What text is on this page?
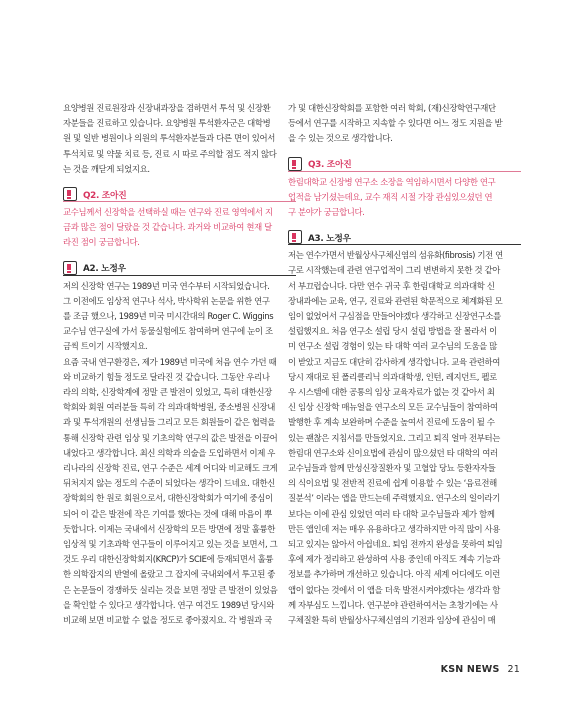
요양병원 진료원장과 신장내과장을 겸하면서 투석 및 신장환
자분들을 진료하고 있습니다. 요양병원 투석환자군은 대학병
원 및 일반 병원이나 의원의 투석환자분들과 다른 면이 있어서
투석치료 및 약물 치료 등, 진료 시 따로 주의할 점도 적지 않다
는 것을 깨닫게 되었지요.

Q2. 조아진

교수님께서 신장학을 선택하실 때는 연구와 진료 영역에서 지
금과 많은 점이 달랐을 것 같습니다. 과거와 비교하여 현재 달
라진 점이 궁금합니다.

A2. 노정우

저의 신장학 연구는 1989년 미국 연수부터 시작되었습니다.
그 이전에도 임상적 연구나 석사, 박사학위 논문을 위한 연구
를 조금 했으나, 1989년 미국 미시간대의 Roger C. Wiggins
교수님 연구실에 가서 동물실험에도 참여하며 연구에 눈이 조
금씩 트이기 시작했지요.
요즘 국내 연구환경은, 제가 1989년 미국에 처음 연수 가던 때
와 비교하기 힘들 정도로 달라진 것 같습니다. 그동안 우리나
라의 의학, 신장학계에 정말 큰 발전이 있었고, 특히 대한신장
학회와 회원 여러분들 특히 각 의과대학병원, 중소병원 신장내
과 및 투석개원의 선생님들 그리고 모든 회원들이 같은 협력을
통해 신장학 관련 임상 및 기초의학 연구의 값은 발전을 이끌어
내었다고 생각합니다. 최신 의학과 의술을 도입하면서 이제 우
리나라의 신장학 진료, 연구 수준은 세계 어디와 비교해도 크게
뒤처지지 않는 정도의 수준이 되었다는 생각이 드네요. 대한신
장학회의 한 원로 회원으로서, 대한신장학회가 여기에 중심이
되어 이 같은 발전에 작은 기여를 했다는 것에 대해 마음이 뿌
듯합니다. 이제는 국내에서 신장학의 모든 방면에 정말 훌륭한
임상적 및 기초과학 연구들이 이루어지고 있는 것을 보면서, 그
것도 우리 대한신장학회지(KRCP)가 SCIE에 등재되면서 훌륭
한 의학잡지의 반열에 올랐고 그 잡지에 국내외에서 투고된 좋
은 논문들이 경쟁하듯 실리는 것을 보면 정말 큰 발전이 있었음
을 확인할 수 있다고 생각합니다. 연구 여건도 1989년 당시와
비교해 보면 비교할 수 없을 정도로 좋아졌지요. 각 병원과 국

가 및 대한신장학회를 포함한 여러 학회, (재)신장학연구재단
등에서 연구를 시작하고 지속할 수 있다면 어느 정도 지원을 받
을 수 있는 것으로 생각합니다.

Q3. 조아진

한림대학교 신장병 연구소 소장을 역임하시면서 다양한 연구
업적을 남기셨는데요, 교수 재직 시절 가장 관심있으셨던 연
구 분야가 궁금합니다.

A3. 노정우

저는 연수가면서 반월상사구체신염의 섬유화(fibrosis) 기전 연
구로 시작했는데 관련 연구업적이 그리 변변하지 못한 것 같아
서 부끄럽습니다. 다만 연수 귀국 후 한림대학교 의과대학 신
장내과에는 교육, 연구, 진료와 관련된 학문적으로 체계화된 모
임이 없었어서 구심점을 만들어야겠다 생각하고 신장연구소를
설립했지요. 처음 연구소 설립 당시 설립 방법을 잘 몰라서 이
미 연구소 설립 경험이 있는 타 대학 여러 교수님의 도움을 많
이 받았고 지금도 대단히 감사하게 생각합니다. 교육 관련하여
당시 재대로 된 폴리클리닉 의과대학생, 인턴, 레지던트, 펠로
우 시스템에 대한 공통의 임상 교육자료가 없는 것 같아서 최
신 임상 신장학 매뉴얼을 연구소의 모든 교수님들이 참여하여
발행한 후 계속 보완하며 수준을 높여서 진료에 도움이 될 수
있는 괜찮은 지침서를 만들었지요. 그리고 퇴직 얼마 전부터는
한림대 연구소와 신이요법에 관심이 많으셨던 타 대학의 여러
교수님들과 함께 만성신장질환자 및 고혈압 당뇨 등환자자들
의 식이요법 및 전반적 진료에 쉽게 이용할 수 있는 ‘음료전해
질분석’ 이라는 앱을 만드는데 주력했지요. 연구소의 일이라기
보다는 이에 관심 있었던 여러 타 대학 교수님들과 제가 함께
만든 앱인데 저는 매우 유용하다고 생각하지만 아직 많이 사용
되고 있지는 않아서 아쉽네요. 퇴임 전까지 완성을 못하여 퇴임
후에 제가 정리하고 완성하여 사용 중인데 아직도 계속 기능과
정보를 추가하며 개선하고 있습니다. 아직 세계 어디에도 이런
앱이 없다는 것에서 이 앱을 더욱 발전시켜야겠다는 생각과 함
께 자부심도 느낍니다. 연구분야 관련하여서는 초창기에는 사
구체질환 특히 반월상사구체신염의 기전과 임상에 관심이 매

KSN NEWS 21
